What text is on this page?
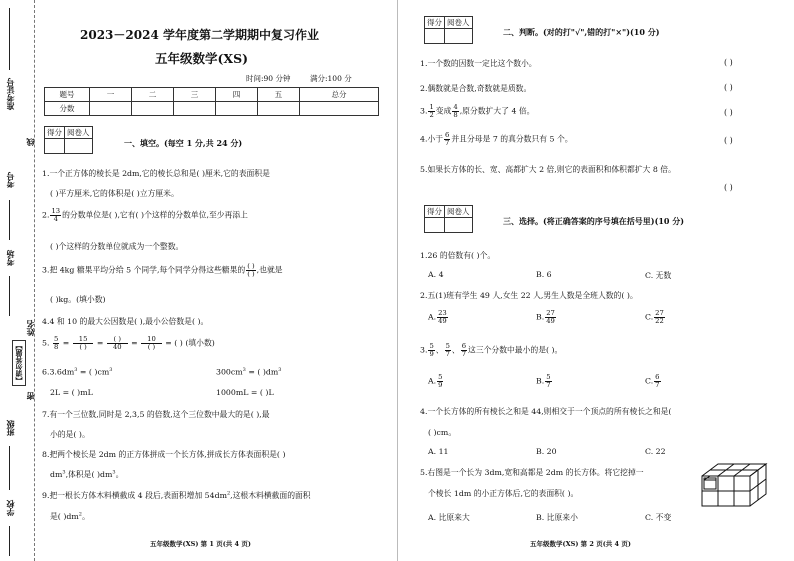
准考证号
线
考号
考场
姓名
【请勿答题】
密
班级
学校
2023－2024 学年度第二学期期中复习作业
五年级数学(XS)
时间:90 分钟	满分:100 分
题号	一	二	三	四	五	总分
分数						
得分	阅卷人

一、填空。(每空 1 分,共 24 分)
1.一个正方体的棱长是 2dm,它的棱长总和是( )厘米,它的表面积是
( )平方厘米,它的体积是( )立方厘米。
2. $\frac{13}{4}$ 的分数单位是( ),它有( )个这样的分数单位,至少再添上
( )个这样的分数单位就成为一个整数。
3.把 4kg 糖果平均分给 5 个同学,每个同学分得这些糖果的 $\frac{( )}{( )}$ ,也就是
( )kg。(填小数)
4.4 和 10 的最大公因数是( ),最小公倍数是( )。
5. $\frac{5}{8} = \frac{15}{( )} = \frac{( )}{40} = \frac{10}{( )}$ = ( ) (填小数)
$6.3.6dm^3$ = ( )$cm^3$	$300cm^3$ = ( )$dm^3$
2L = ( )mL	1000mL = ( )L
7.有一个三位数,同时是 2,3,5 的倍数,这个三位数中最大的是( ),最
小的是( )。
8.把两个棱长是 2dm 的正方体拼成一个长方体,拼成长方体表面积是( )
$dm^3$,体积是( )$dm^3$。
9.把一根长方体木料横截成 4 段后,表面积增加 $54dm^2$,这根木料横截面的面积
是( )$dm^2$。
五年级数学(XS) 第 1 页(共 4 页)
得分	阅卷人

二、判断。(对的打"√",错的打"×")(10 分)
1.一个数的因数一定比这个数小。	( )
2.偶数就是合数,奇数就是质数。	( )
3. $\frac{1}{2}$ 变成 $\frac{4}{8}$ ,原分数扩大了 4 倍。	( )
4.小于 $\frac{6}{7}$ 并且分母是 7 的真分数只有 5 个。	( )
5.如果长方体的长、宽、高都扩大 2 倍,则它的表面积和体积都扩大 8 倍。
( )
得分	阅卷人

三、选择。(将正确答案的序号填在括号里)(10 分)
1.26 的倍数有( )个。
A. 4	B. 6	C. 无数
2.五(1)班有学生 49 人,女生 22 人,男生人数是全班人数的( )。
A. $\frac{23}{49}$	B. $\frac{27}{49}$	C. $\frac{27}{22}$
3. $\frac{5}{9}$ 、 $\frac{5}{7}$ 、 $\frac{6}{7}$ 这三个分数中最小的是( )。
A. $\frac{5}{9}$	B. $\frac{5}{7}$	C. $\frac{6}{7}$
4.一个长方体的所有棱长之和是 44,则相交于一个顶点的所有棱长之和是(
( )cm。
A. 11	B. 20	C. 22
5.右图是一个长为 3dm,宽和高都是 2dm 的长方体。将它挖掉一
个棱长 1dm 的小正方体后,它的表面积( )。
A. 比原来大	B. 比原来小	C. 不变
五年级数学(XS) 第 2 页(共 4 页)
